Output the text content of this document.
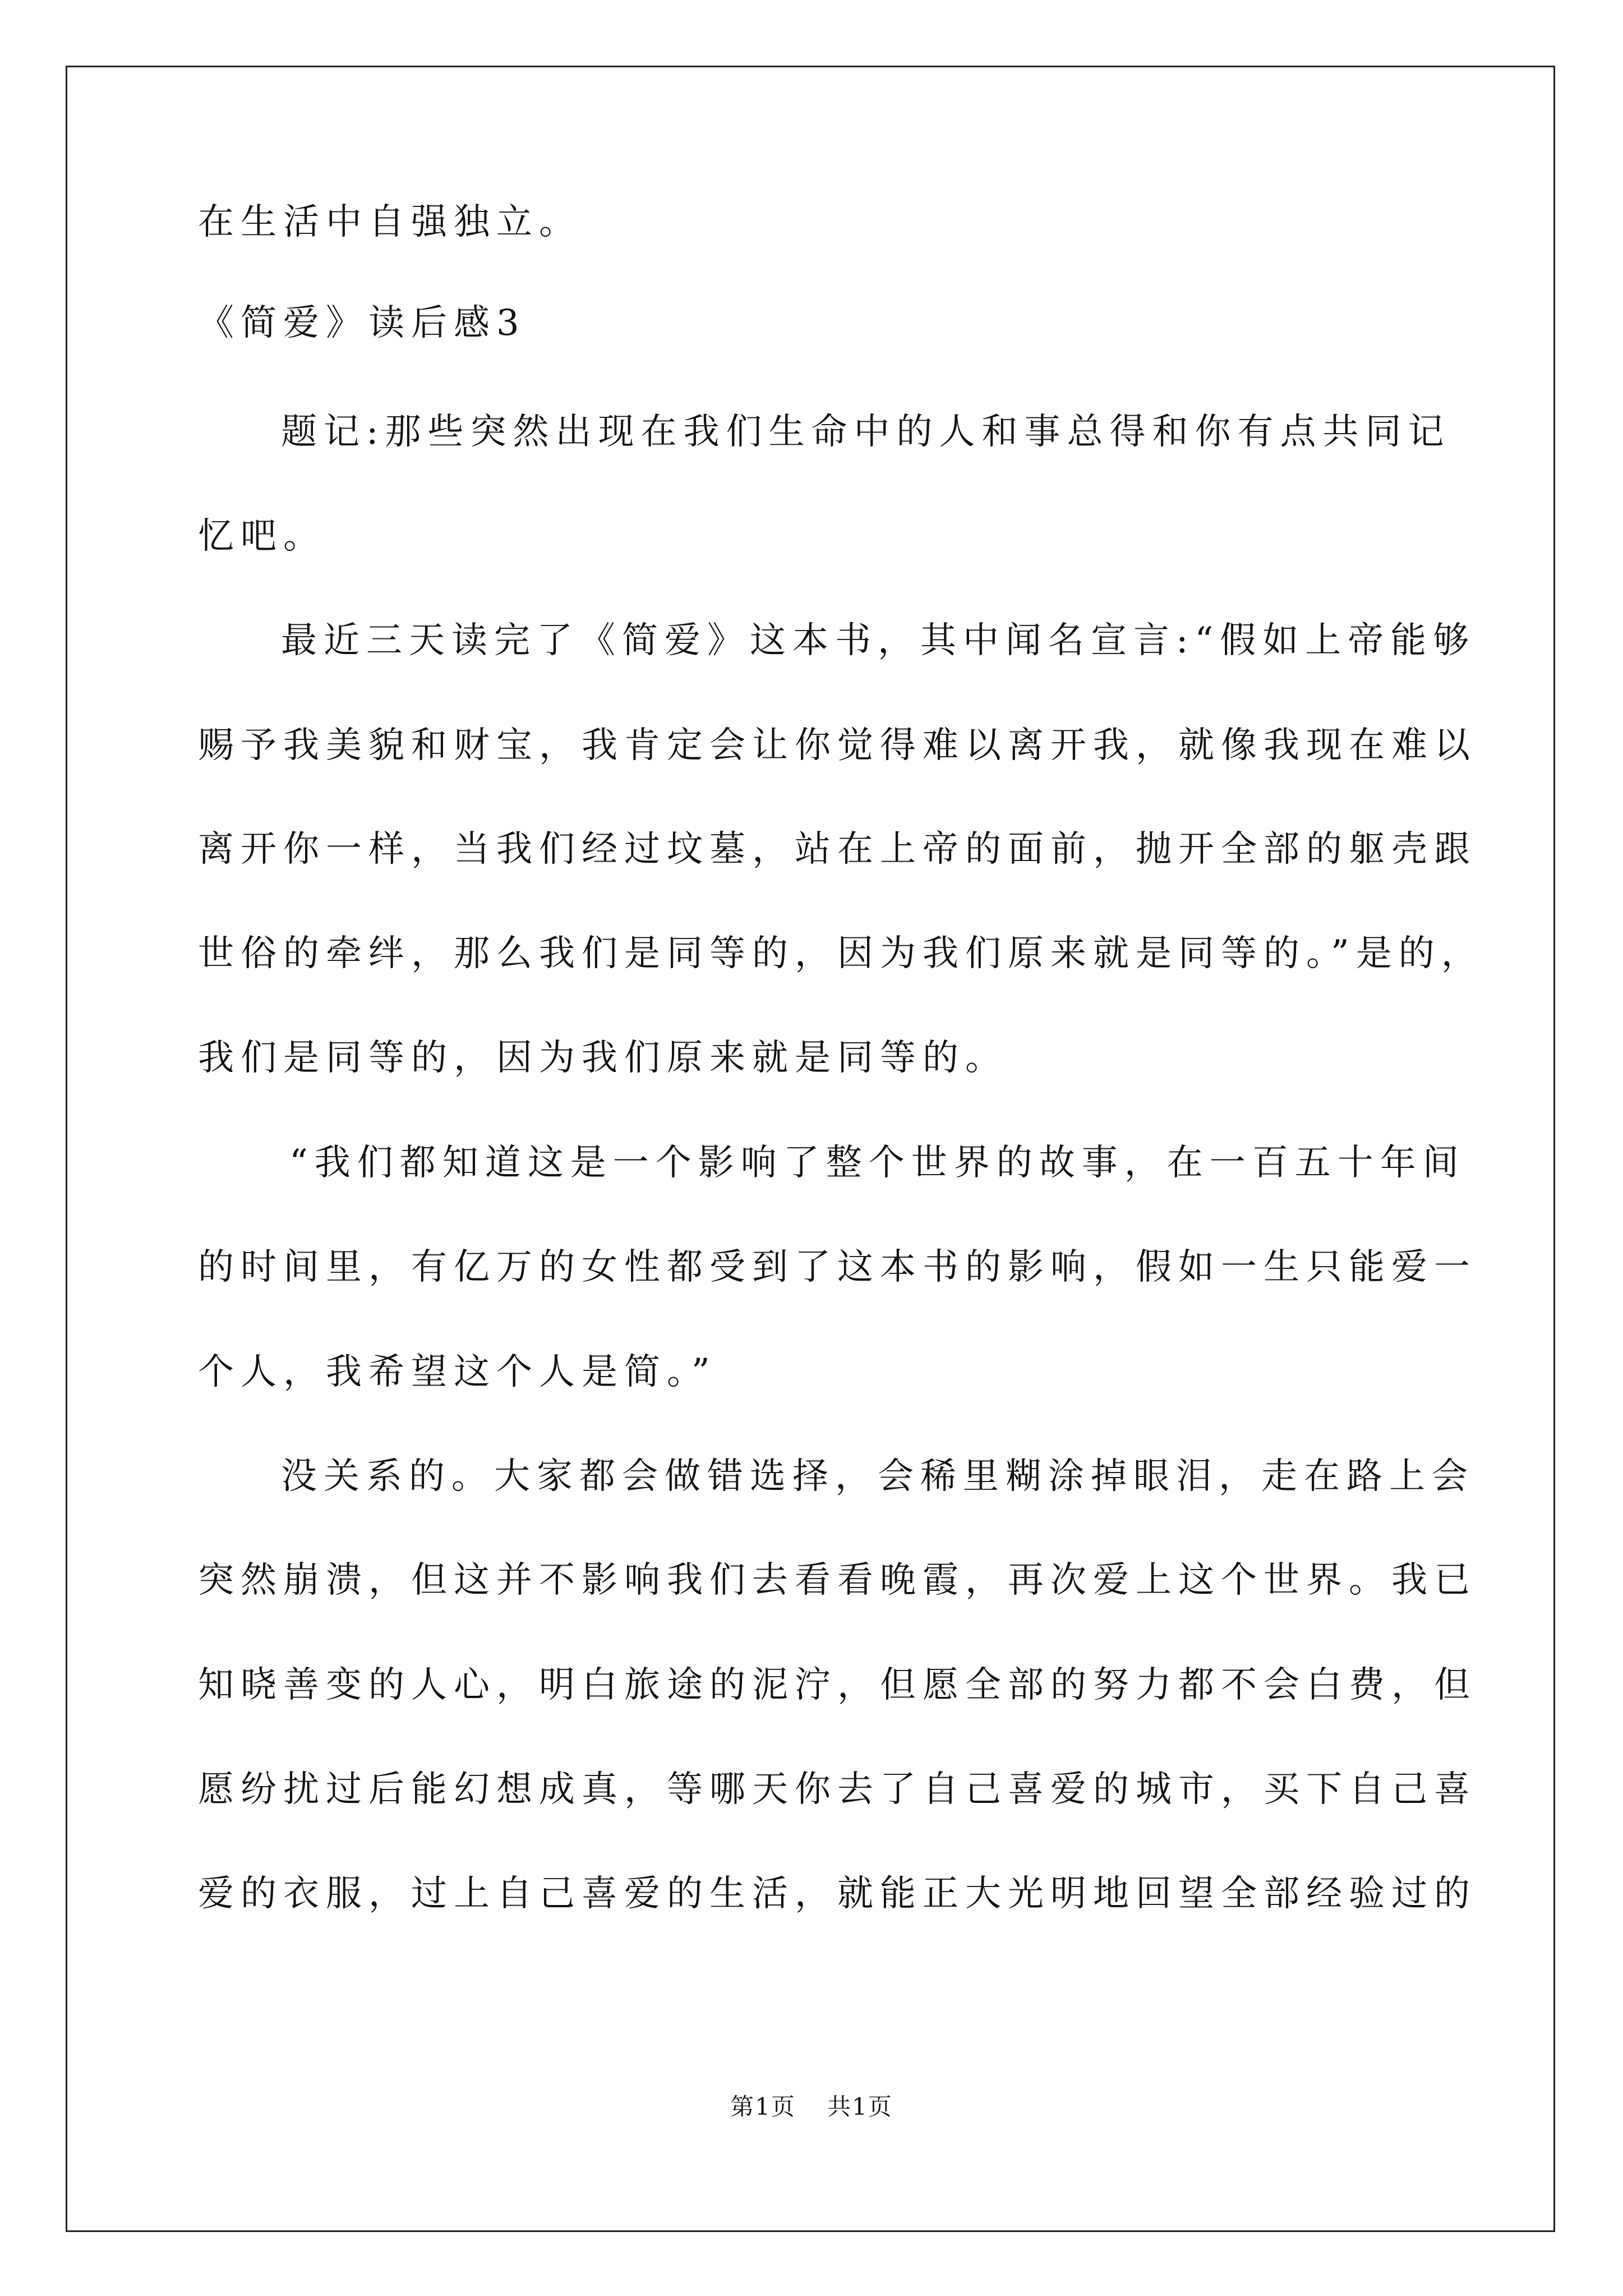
在生活中自强独立。
《简爱》读后感3
题记:那些突然出现在我们生命中的人和事总得和你有点共同记
忆吧。
最近三天读完了《简爱》这本书，其中闻名宣言:“假如上帝能够
赐予我美貌和财宝，我肯定会让你觉得难以离开我，就像我现在难以
离开你一样，当我们经过坟墓，站在上帝的面前，抛开全部的躯壳跟
世俗的牵绊，那么我们是同等的，因为我们原来就是同等的。”是的，
我们是同等的，因为我们原来就是同等的。
“我们都知道这是一个影响了整个世界的故事，在一百五十年间
的时间里，有亿万的女性都受到了这本书的影响，假如一生只能爱一
个人，我希望这个人是简。”
没关系的。大家都会做错选择，会稀里糊涂掉眼泪，走在路上会
突然崩溃，但这并不影响我们去看看晚霞，再次爱上这个世界。我已
知晓善变的人心，明白旅途的泥泞，但愿全部的努力都不会白费，但
愿纷扰过后能幻想成真，等哪天你去了自己喜爱的城市，买下自己喜
爱的衣服，过上自己喜爱的生活，就能正大光明地回望全部经验过的
第1页 共1页
